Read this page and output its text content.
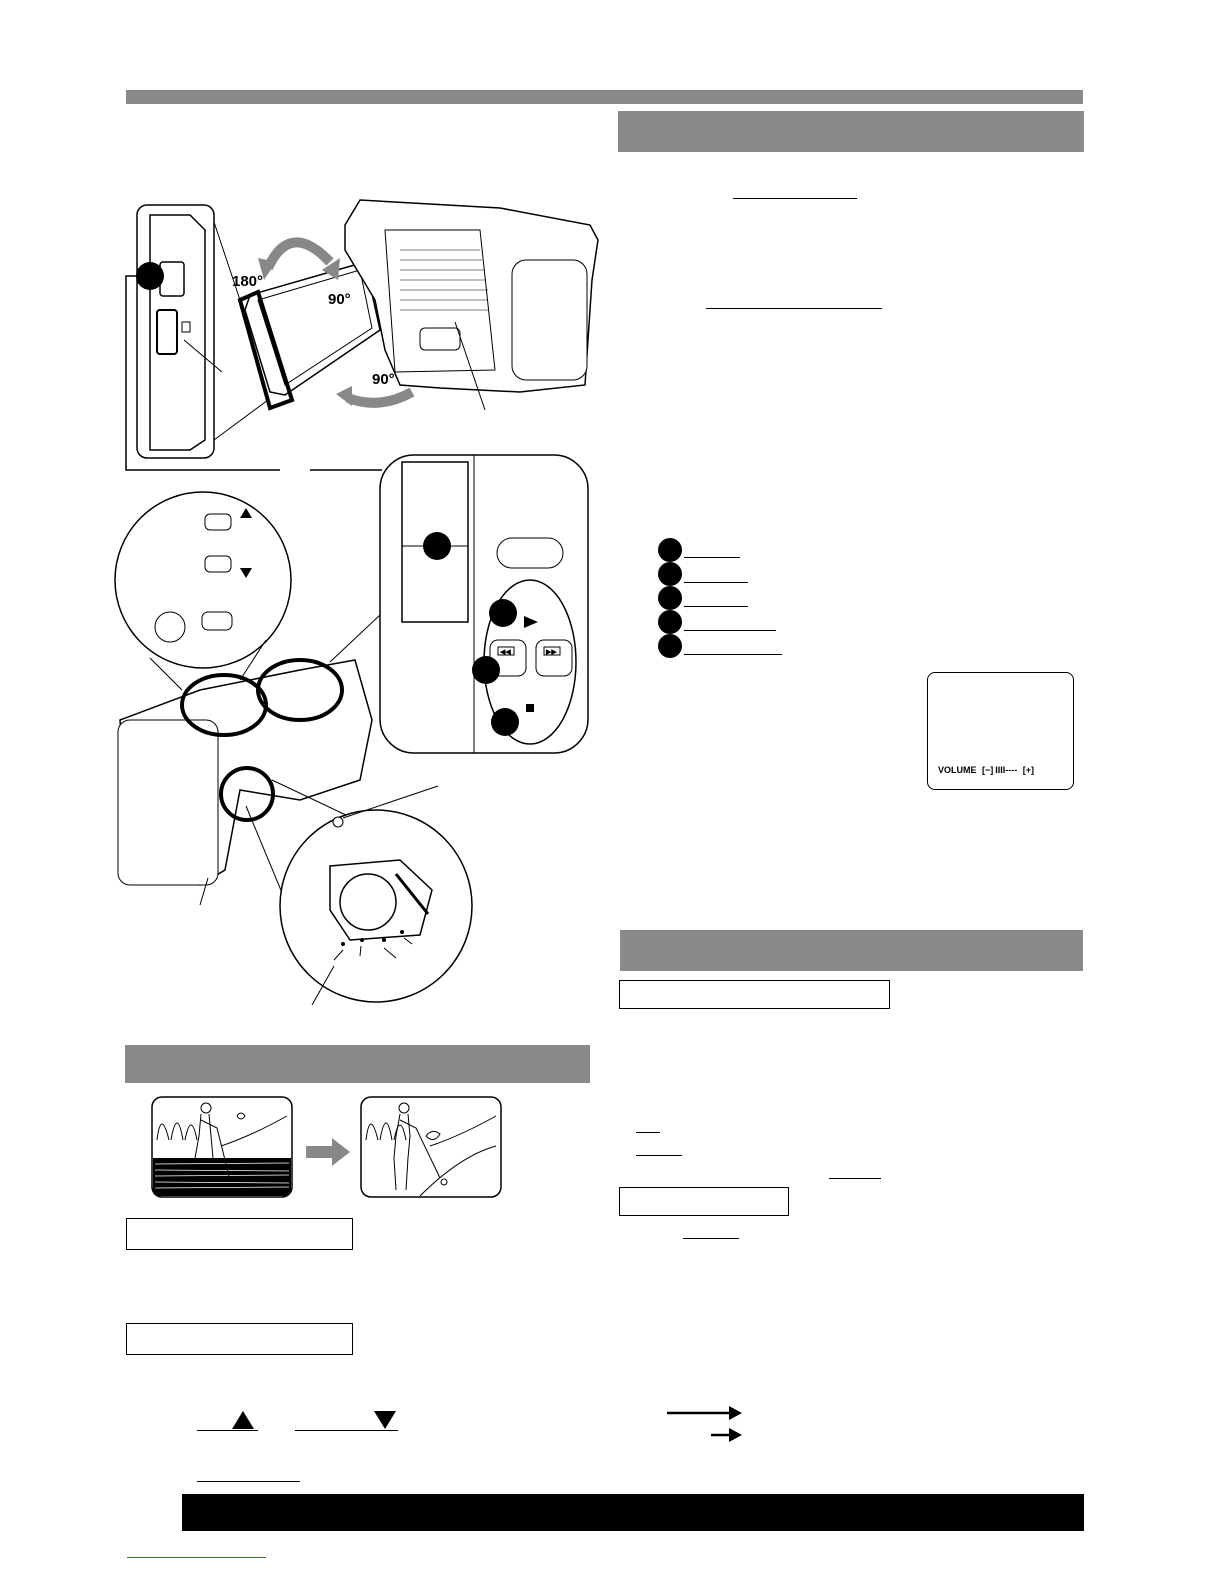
VOLUME [−] IIII---- [+]
180°
90°
90°
◀◀	▶▶
